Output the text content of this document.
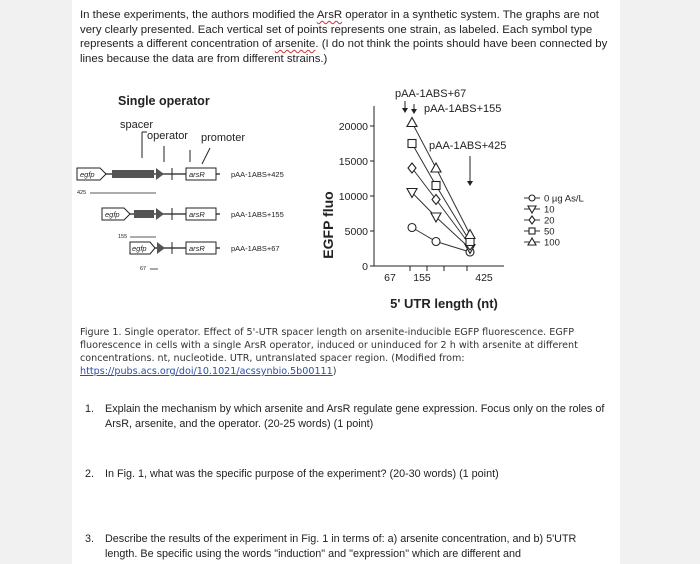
In these experiments, the authors modified the ArsR operator in a synthetic system. The graphs are not very clearly presented. Each vertical set of points represents one strain, as labeled. Each symbol type represents a different concentration of arsenite. (I do not think the points should have been connected by lines because the data are from different strains.)
Single operator
spacer
operator promoter
egfp	arsR	pAA-1ABS+425
425
egfp	arsR	pAA-1ABS+155
155
egfp	arsR	pAA-1ABS+67
67
EGFP fluo
5' UTR length (nt)
pAA-1ABS+67
pAA-1ABS+155
pAA-1ABS+425
0 µg As/L
10
20
50
100
0
5000
10000
15000
20000
67 155	425
Figure 1. Single operator. Effect of 5'-UTR spacer length on arsenite-inducible EGFP fluorescence. EGFP fluorescence in cells with a single ArsR operator, induced or uninduced for 2 h with arsenite at different concentrations. nt, nucleotide. UTR, untranslated spacer region. (Modified from: https://pubs.acs.org/doi/10.1021/acssynbio.5b00111)
1. Explain the mechanism by which arsenite and ArsR regulate gene expression. Focus only on the roles of ArsR, arsenite, and the operator. (20-25 words) (1 point)
2. In Fig. 1, what was the specific purpose of the experiment? (20-30 words) (1 point)
3. Describe the results of the experiment in Fig. 1 in terms of: a) arsenite concentration, and b) 5'UTR length. Be specific using the words "induction" and "expression" which are different and
